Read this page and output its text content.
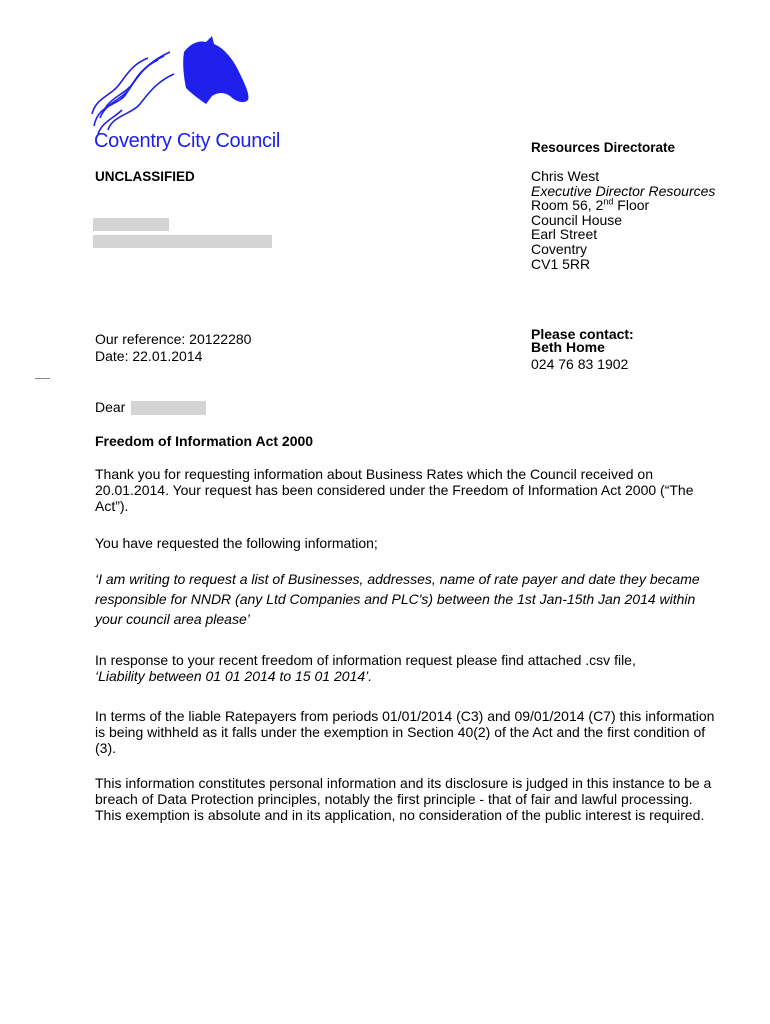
Coventry City Council
UNCLASSIFIED
Resources Directorate
Chris West
Executive Director Resources
Room 56, 2nd Floor
Council House
Earl Street
Coventry
CV1 5RR
Our reference: 20122280
Date: 22.01.2014
Please contact:
Beth Home
024 76 83 1902
Dear
Freedom of Information Act 2000
Thank you for requesting information about Business Rates which the Council received on 20.01.2014. Your request has been considered under the Freedom of Information Act 2000 (“The Act”).
You have requested the following information;
‘I am writing to request a list of Businesses, addresses, name of rate payer and date they became responsible for NNDR (any Ltd Companies and PLC's) between the 1st Jan-15th Jan 2014 within your council area please’
In response to your recent freedom of information request please find attached .csv file,
‘Liability between 01 01 2014 to 15 01 2014’.
In terms of the liable Ratepayers from periods 01/01/2014 (C3) and 09/01/2014 (C7) this information is being withheld as it falls under the exemption in Section 40(2) of the Act and the first condition of (3).
This information constitutes personal information and its disclosure is judged in this instance to be a breach of Data Protection principles, notably the first principle - that of fair and lawful processing. This exemption is absolute and in its application, no consideration of the public interest is required.
